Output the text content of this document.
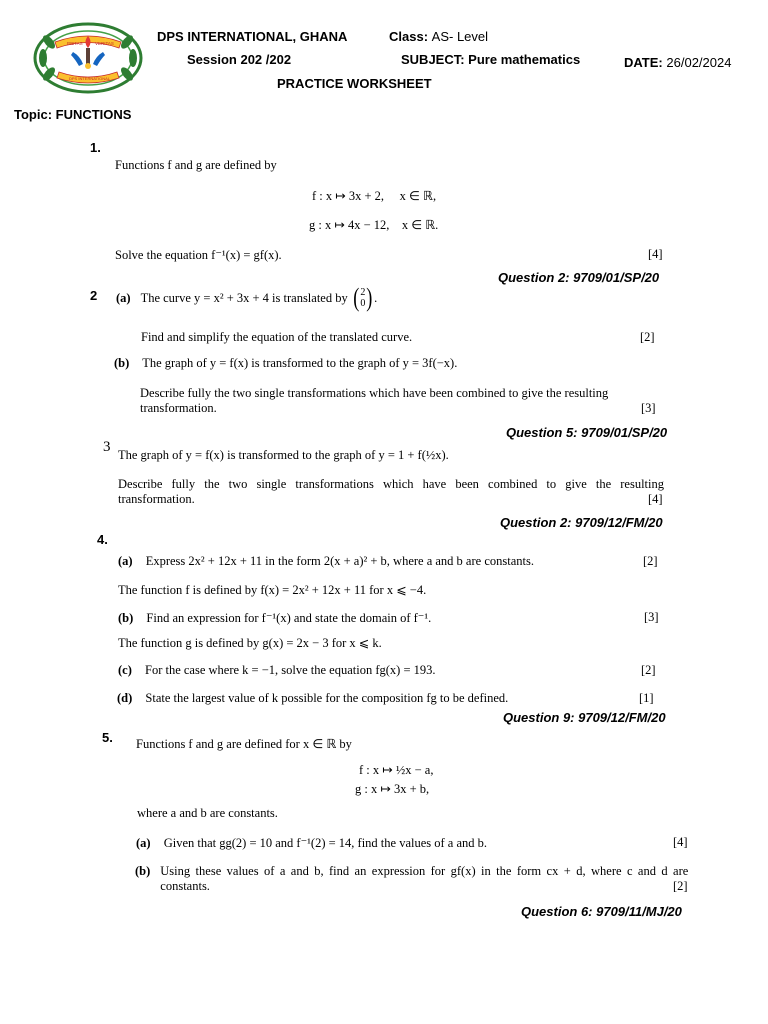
PIETAS	VERITAS
DPS INTERNATIONAL
DPS INTERNATIONAL, GHANA	Class: AS- Level
Session 202 /202	SUBJECT: Pure mathematics	DATE: 26/02/2024
PRACTICE WORKSHEET
Topic: FUNCTIONS
1.
Functions f and g are defined by
f : x ↦ 3x + 2,     x ∈ ℝ,
g : x ↦ 4x − 12,    x ∈ ℝ.
Solve the equation f⁻¹(x) = gf(x).	[4]
Question 2: 9709/01/SP/20
2 (a) The curve y = x² + 3x + 4 is translated by ( 2
0 ) .
Find and simplify the equation of the translated curve.	[2]
(b) The graph of y = f(x) is transformed to the graph of y = 3f(−x).
Describe fully the two single transformations which have been combined to give the resulting transformation.	[3]
Question 5: 9709/01/SP/20
3 The graph of y = f(x) is transformed to the graph of y = 1 + f(½x).
Describe fully the two single transformations which have been combined to give the resulting transformation.	[4]
Question 2: 9709/12/FM/20
4.
(a) Express 2x² + 12x + 11 in the form 2(x + a)² + b, where a and b are constants.	[2]
The function f is defined by f(x) = 2x² + 12x + 11 for x ⩽ −4.
(b) Find an expression for f⁻¹(x) and state the domain of f⁻¹.	[3]
The function g is defined by g(x) = 2x − 3 for x ⩽ k.
(c) For the case where k = −1, solve the equation fg(x) = 193.	[2]
(d) State the largest value of k possible for the composition fg to be defined.	[1]
Question 9: 9709/12/FM/20
5. Functions f and g are defined for x ∈ ℝ by
f : x ↦ ½x − a,
g : x ↦ 3x + b,
where a and b are constants.
(a) Given that gg(2) = 10 and f⁻¹(2) = 14, find the values of a and b.	[4]
(b) Using these values of a and b, find an expression for gf(x) in the form cx + d, where c and d are constants.	[2]
Question 6: 9709/11/MJ/20
